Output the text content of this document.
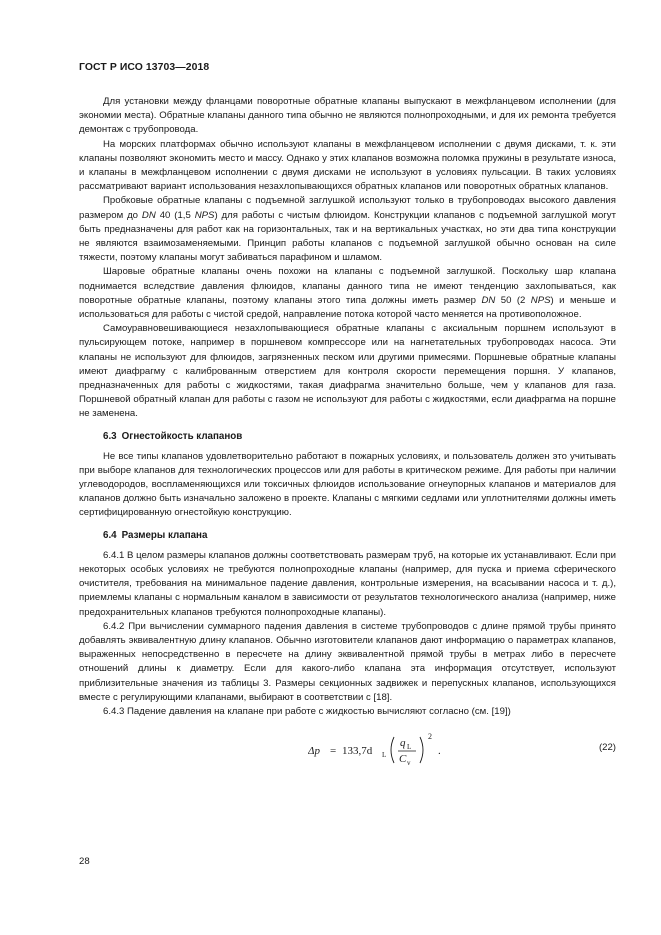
ГОСТ Р ИСО 13703—2018

Для установки между фланцами поворотные обратные клапаны выпускают в межфланцевом исполнении (для экономии места). Обратные клапаны данного типа обычно не являются полнопроходными, и для их ремонта требуется демонтаж с трубопровода.

На морских платформах обычно используют клапаны в межфланцевом исполнении с двумя дисками, т. к. эти клапаны позволяют экономить место и массу. Однако у этих клапанов возможна поломка пружины в результате износа, и клапаны в межфланцевом исполнении с двумя дисками не используют в условиях пульсации. В таких условиях рассматривают вариант использования незахлопывающихся обратных клапанов или поворотных обратных клапанов.

Пробковые обратные клапаны с подъемной заглушкой используют только в трубопроводах высокого давления размером до DN 40 (1,5 NPS) для работы с чистым флюидом. Конструкции клапанов с подъемной заглушкой могут быть предназначены для работ как на горизонтальных, так и на вертикальных участках, но эти два типа конструкции не являются взаимозаменяемыми. Принцип работы клапанов с подъемной заглушкой обычно основан на силе тяжести, поэтому клапаны могут забиваться парафином и шламом.

Шаровые обратные клапаны очень похожи на клапаны с подъемной заглушкой. Поскольку шар клапана поднимается вследствие давления флюидов, клапаны данного типа не имеют тенденцию захлопываться, как поворотные обратные клапаны, поэтому клапаны этого типа должны иметь размер DN 50 (2 NPS) и меньше и использоваться для работы с чистой средой, направление потока которой часто меняется на противоположное.

Самоуравновешивающиеся незахлопывающиеся обратные клапаны с аксиальным поршнем используют в пульсирующем потоке, например в поршневом компрессоре или на нагнетательных трубопроводах насоса. Эти клапаны не используют для флюидов, загрязненных песком или другими примесями. Поршневые обратные клапаны имеют диафрагму с калиброванным отверстием для контроля скорости перемещения поршня. У клапанов, предназначенных для работы с жидкостями, такая диафрагма значительно больше, чем у клапанов для газа. Поршневой обратный клапан для работы с газом не используют для работы с жидкостями, если диафрагма на поршне не заменена.

6.3 Огнестойкость клапанов

Не все типы клапанов удовлетворительно работают в пожарных условиях, и пользователь должен это учитывать при выборе клапанов для технологических процессов или для работы в критическом режиме. Для работы при наличии углеводородов, воспламеняющихся или токсичных флюидов использование огнеупорных клапанов и материалов для клапанов должно быть изначально заложено в проекте. Клапаны с мягкими седлами или уплотнителями должны иметь сертифицированную огнестойкую конструкцию.

6.4 Размеры клапана

6.4.1 В целом размеры клапанов должны соответствовать размерам труб, на которые их устанавливают. Если при некоторых особых условиях не требуются полнопроходные клапаны (например, для пуска и приема сферического очистителя, требования на минимальное падение давления, контрольные измерения, на всасывании насоса и т. д.), приемлемы клапаны с нормальным каналом в зависимости от результатов технологического анализа (например, ниже предохранительных клапанов требуются полнопроходные клапаны).

6.4.2 При вычислении суммарного падения давления в системе трубопроводов с длине прямой трубы принято добавлять эквивалентную длину клапанов. Обычно изготовители клапанов дают информацию о параметрах клапанов, выраженных непосредственно в пересчете на длину эквивалентной прямой трубы в метрах либо в пересчете отношений длины к диаметру. Если для какого-либо клапана эта информация отсутствует, используют приблизительные значения из таблицы 3. Размеры секционных задвижек и перепускных клапанов, использующихся вместе с регулирующими клапанами, выбирают в соответствии с [18].

6.4.3 Падение давления на клапане при работе с жидкостью вычисляют согласно (см. [19])

Δp = 133,7d L
q L
C v
2
.	(22)
28
